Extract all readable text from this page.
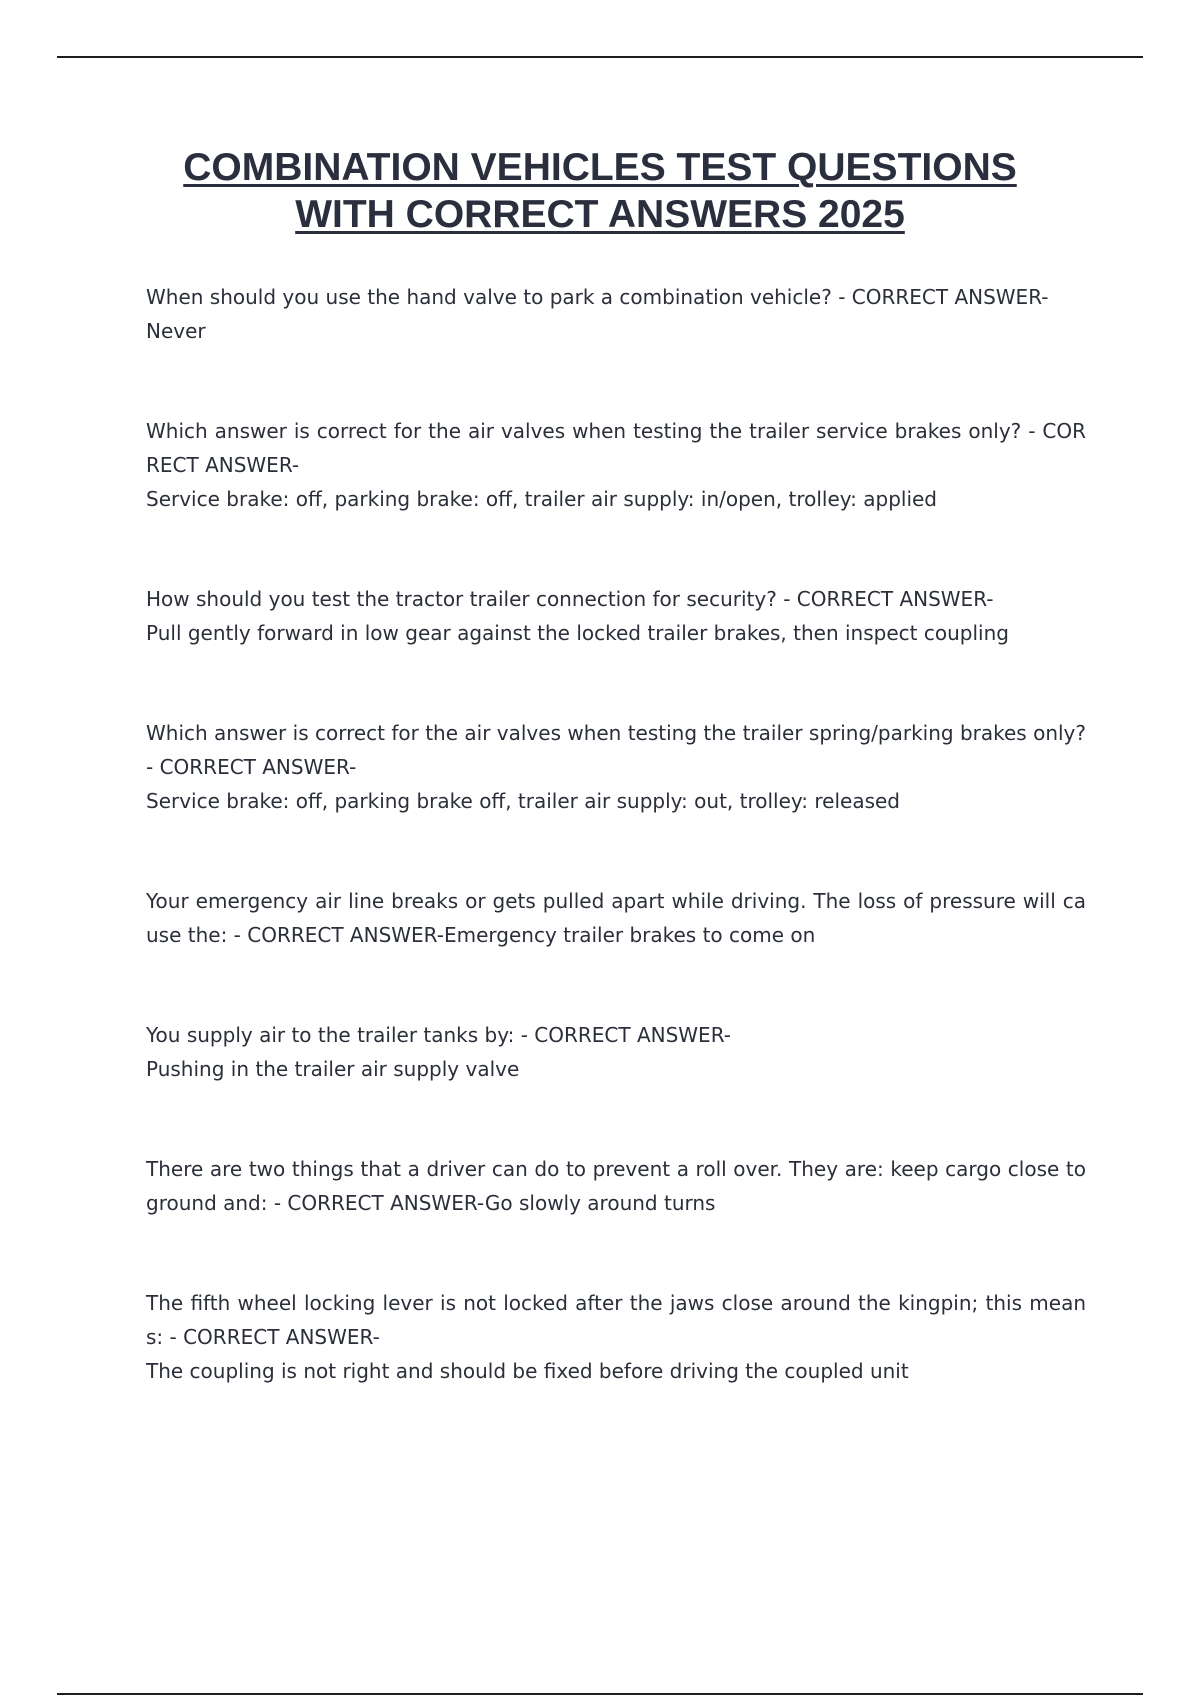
COMBINATION VEHICLES TEST QUESTIONS
WITH CORRECT ANSWERS 2025
When should you use the hand valve to park a combination vehicle? - CORRECT ANSWER-
Never
Which answer is correct for the air valves when testing the trailer service brakes only? - CORRECT ANSWER-
Service brake: off, parking brake: off, trailer air supply: in/open, trolley: applied
How should you test the tractor trailer connection for security? - CORRECT ANSWER-
Pull gently forward in low gear against the locked trailer brakes, then inspect coupling
Which answer is correct for the air valves when testing the trailer spring/parking brakes only? - CORRECT ANSWER-
Service brake: off, parking brake off, trailer air supply: out, trolley: released
Your emergency air line breaks or gets pulled apart while driving. The loss of pressure will cause the: - CORRECT ANSWER-Emergency trailer brakes to come on
You supply air to the trailer tanks by: - CORRECT ANSWER-
Pushing in the trailer air supply valve
There are two things that a driver can do to prevent a roll over. They are: keep cargo close to ground and: - CORRECT ANSWER-Go slowly around turns
The fifth wheel locking lever is not locked after the jaws close around the kingpin; this means: - CORRECT ANSWER-
The coupling is not right and should be fixed before driving the coupled unit
